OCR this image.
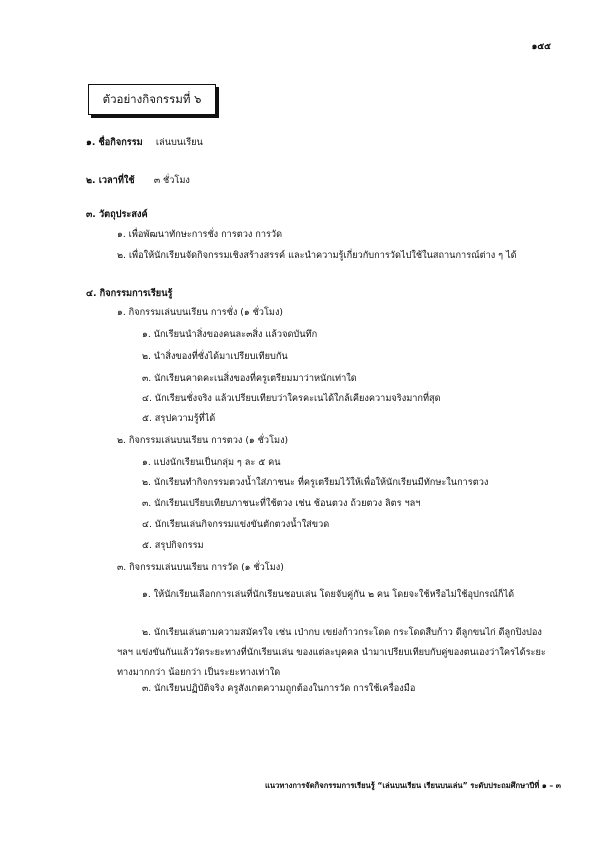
๑๕๕
ตัวอย่างกิจกรรมที่ ๖
๑. ชื่อกิจกรรม เล่นบนเรียน
๒. เวลาที่ใช้ ๓ ชั่วโมง
๓. วัตถุประสงค์
๑. เพื่อพัฒนาทักษะการชั่ง การตวง การวัด
๒. เพื่อให้นักเรียนจัดกิจกรรมเชิงสร้างสรรค์ และนำความรู้เกี่ยวกับการวัดไปใช้ในสถานการณ์ต่าง ๆ ได้
๔. กิจกรรมการเรียนรู้
๑. กิจกรรมเล่นบนเรียน การชั่ง (๑ ชั่วโมง)
๑. นักเรียนนำสิ่งของคนละ๓สิ่ง แล้วจดบันทึก
๒. นำสิ่งของที่ชั่งได้มาเปรียบเทียบกัน
๓. นักเรียนคาดคะเนสิ่งของที่ครูเตรียมมาว่าหนักเท่าใด
๔. นักเรียนชั่งจริง แล้วเปรียบเทียบว่าใครคะเนได้ใกล้เคียงความจริงมากที่สุด
๕. สรุปความรู้ที่ได้
๒. กิจกรรมเล่นบนเรียน การตวง (๑ ชั่วโมง)
๑. แบ่งนักเรียนเป็นกลุ่ม ๆ ละ ๕ คน
๒. นักเรียนทำกิจกรรมตวงน้ำใส่ภาชนะ ที่ครูเตรียมไว้ให้เพื่อให้นักเรียนมีทักษะในการตวง
๓. นักเรียนเปรียบเทียบภาชนะที่ใช้ตวง เช่น ช้อนตวง ถ้วยตวง ลิตร ฯลฯ
๔. นักเรียนเล่นกิจกรรมแข่งขันตักตวงน้ำใส่ขวด
๕. สรุปกิจกรรม
๓. กิจกรรมเล่นบนเรียน การวัด (๑ ชั่วโมง)
๑. ให้นักเรียนเลือกการเล่นที่นักเรียนชอบเล่น โดยจับคู่กัน ๒ คน โดยจะใช้หรือไม่ใช้อุปกรณ์ก็ได้
๒. นักเรียนเล่นตามความสมัครใจ เช่น เป่ากบ เขย่งก้าวกระโดด กระโดดสืบก้าว ดีลูกขนไก่ ดีลูกปิงปอง ฯลฯ แข่งขันกันแล้ววัดระยะทางที่นักเรียนเล่น ของแต่ละบุคคล นำมาเปรียบเทียบกับคู่ของตนเองว่าใครได้ระยะทางมากกว่า น้อยกว่า เป็นระยะทางเท่าใด
๓. นักเรียนปฏิบัติจริง ครูสังเกตความถูกต้องในการวัด การใช้เครื่องมือ
แนวทางการจัดกิจกรรมการเรียนรู้ “เล่นบนเรียน เรียนบนเล่น” ระดับประถมศึกษาปีที่ ๑ – ๓
